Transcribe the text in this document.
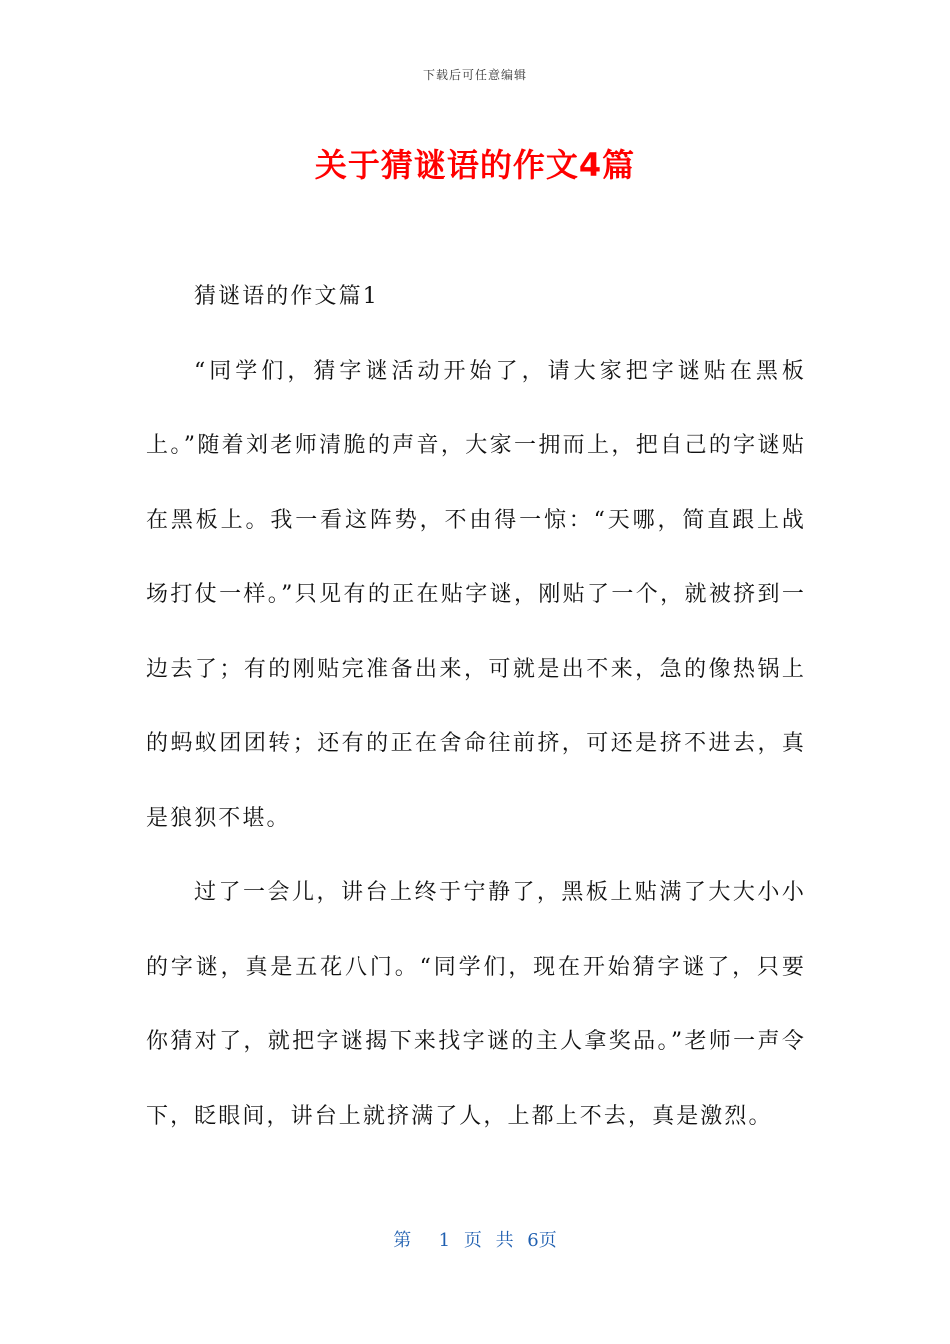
下载后可任意编辑
关于猜谜语的作文4篇

猜谜语的作文篇1

“同学们，猜字谜活动开始了，请大家把字谜贴在黑板上。”随着刘老师清脆的声音，大家一拥而上，把自己的字谜贴在黑板上。我一看这阵势，不由得一惊：“天哪，简直跟上战场打仗一样。”只见有的正在贴字谜，刚贴了一个，就被挤到一边去了；有的刚贴完准备出来，可就是出不来，急的像热锅上的蚂蚁团团转；还有的正在舍命往前挤，可还是挤不进去，真是狼狈不堪。

过了一会儿，讲台上终于宁静了，黑板上贴满了大大小小的字谜，真是五花八门。“同学们，现在开始猜字谜了，只要你猜对了，就把字谜揭下来找字谜的主人拿奖品。”老师一声令下，眨眼间，讲台上就挤满了人，上都上不去，真是激烈。

第  1 页 共 6页
